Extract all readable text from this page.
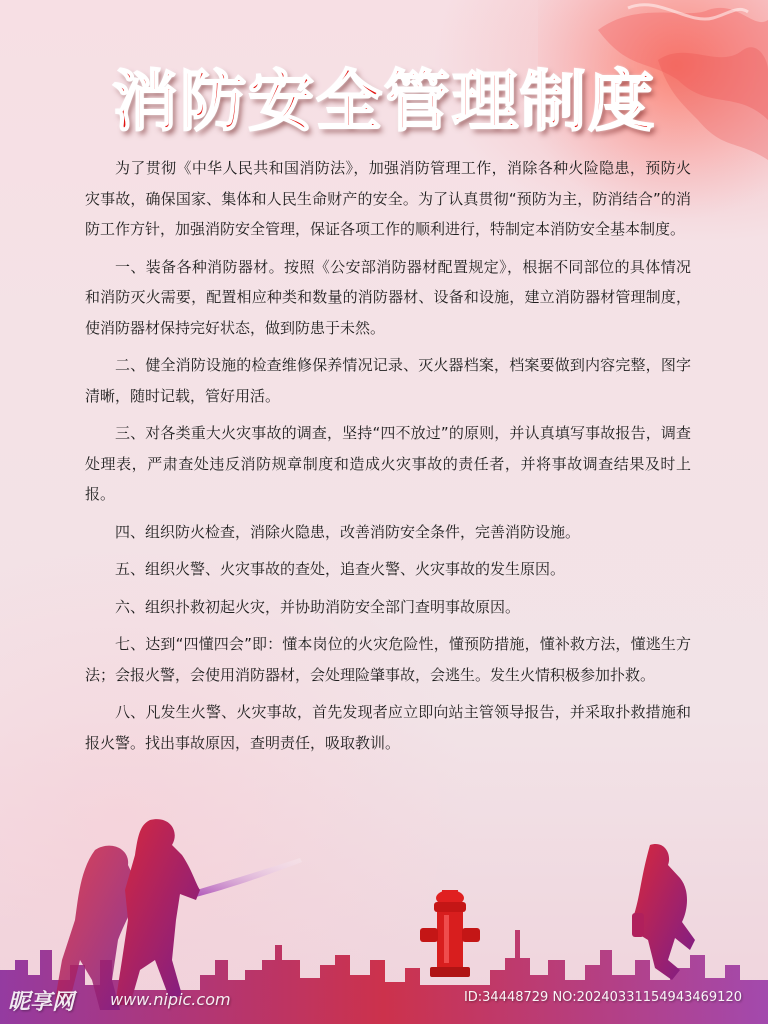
消防安全管理制度

为了贯彻《中华人民共和国消防法》，加强消防管理工作，消除各种火险隐患，预防火灾事故，确保国家、集体和人民生命财产的安全。为了认真贯彻“预防为主，防消结合”的消防工作方针，加强消防安全管理，保证各项工作的顺利进行，特制定本消防安全基本制度。

一、装备各种消防器材。按照《公安部消防器材配置规定》，根据不同部位的具体情况和消防灭火需要，配置相应种类和数量的消防器材、设备和设施，建立消防器材管理制度，使消防器材保持完好状态，做到防患于未然。

二、健全消防设施的检查维修保养情况记录、灭火器档案，档案要做到内容完整，图字清晰，随时记载，管好用活。

三、对各类重大火灾事故的调查，坚持“四不放过”的原则，并认真填写事故报告，调查处理表，严肃查处违反消防规章制度和造成火灾事故的责任者，并将事故调查结果及时上报。

四、组织防火检查，消除火隐患，改善消防安全条件，完善消防设施。

五、组织火警、火灾事故的查处，追查火警、火灾事故的发生原因。

六、组织扑救初起火灾，并协助消防安全部门查明事故原因。

七、达到“四懂四会”即：懂本岗位的火灾危险性，懂预防措施，懂补救方法，懂逃生方法；会报火警，会使用消防器材，会处理险肇事故，会逃生。发生火情积极参加扑救。

八、凡发生火警、火灾事故，首先发现者应立即向站主管领导报告，并采取扑救措施和报火警。找出事故原因，查明责任，吸取教训。

昵享网 www.nipic.com	ID:34448729 NO:20240331154943469120
